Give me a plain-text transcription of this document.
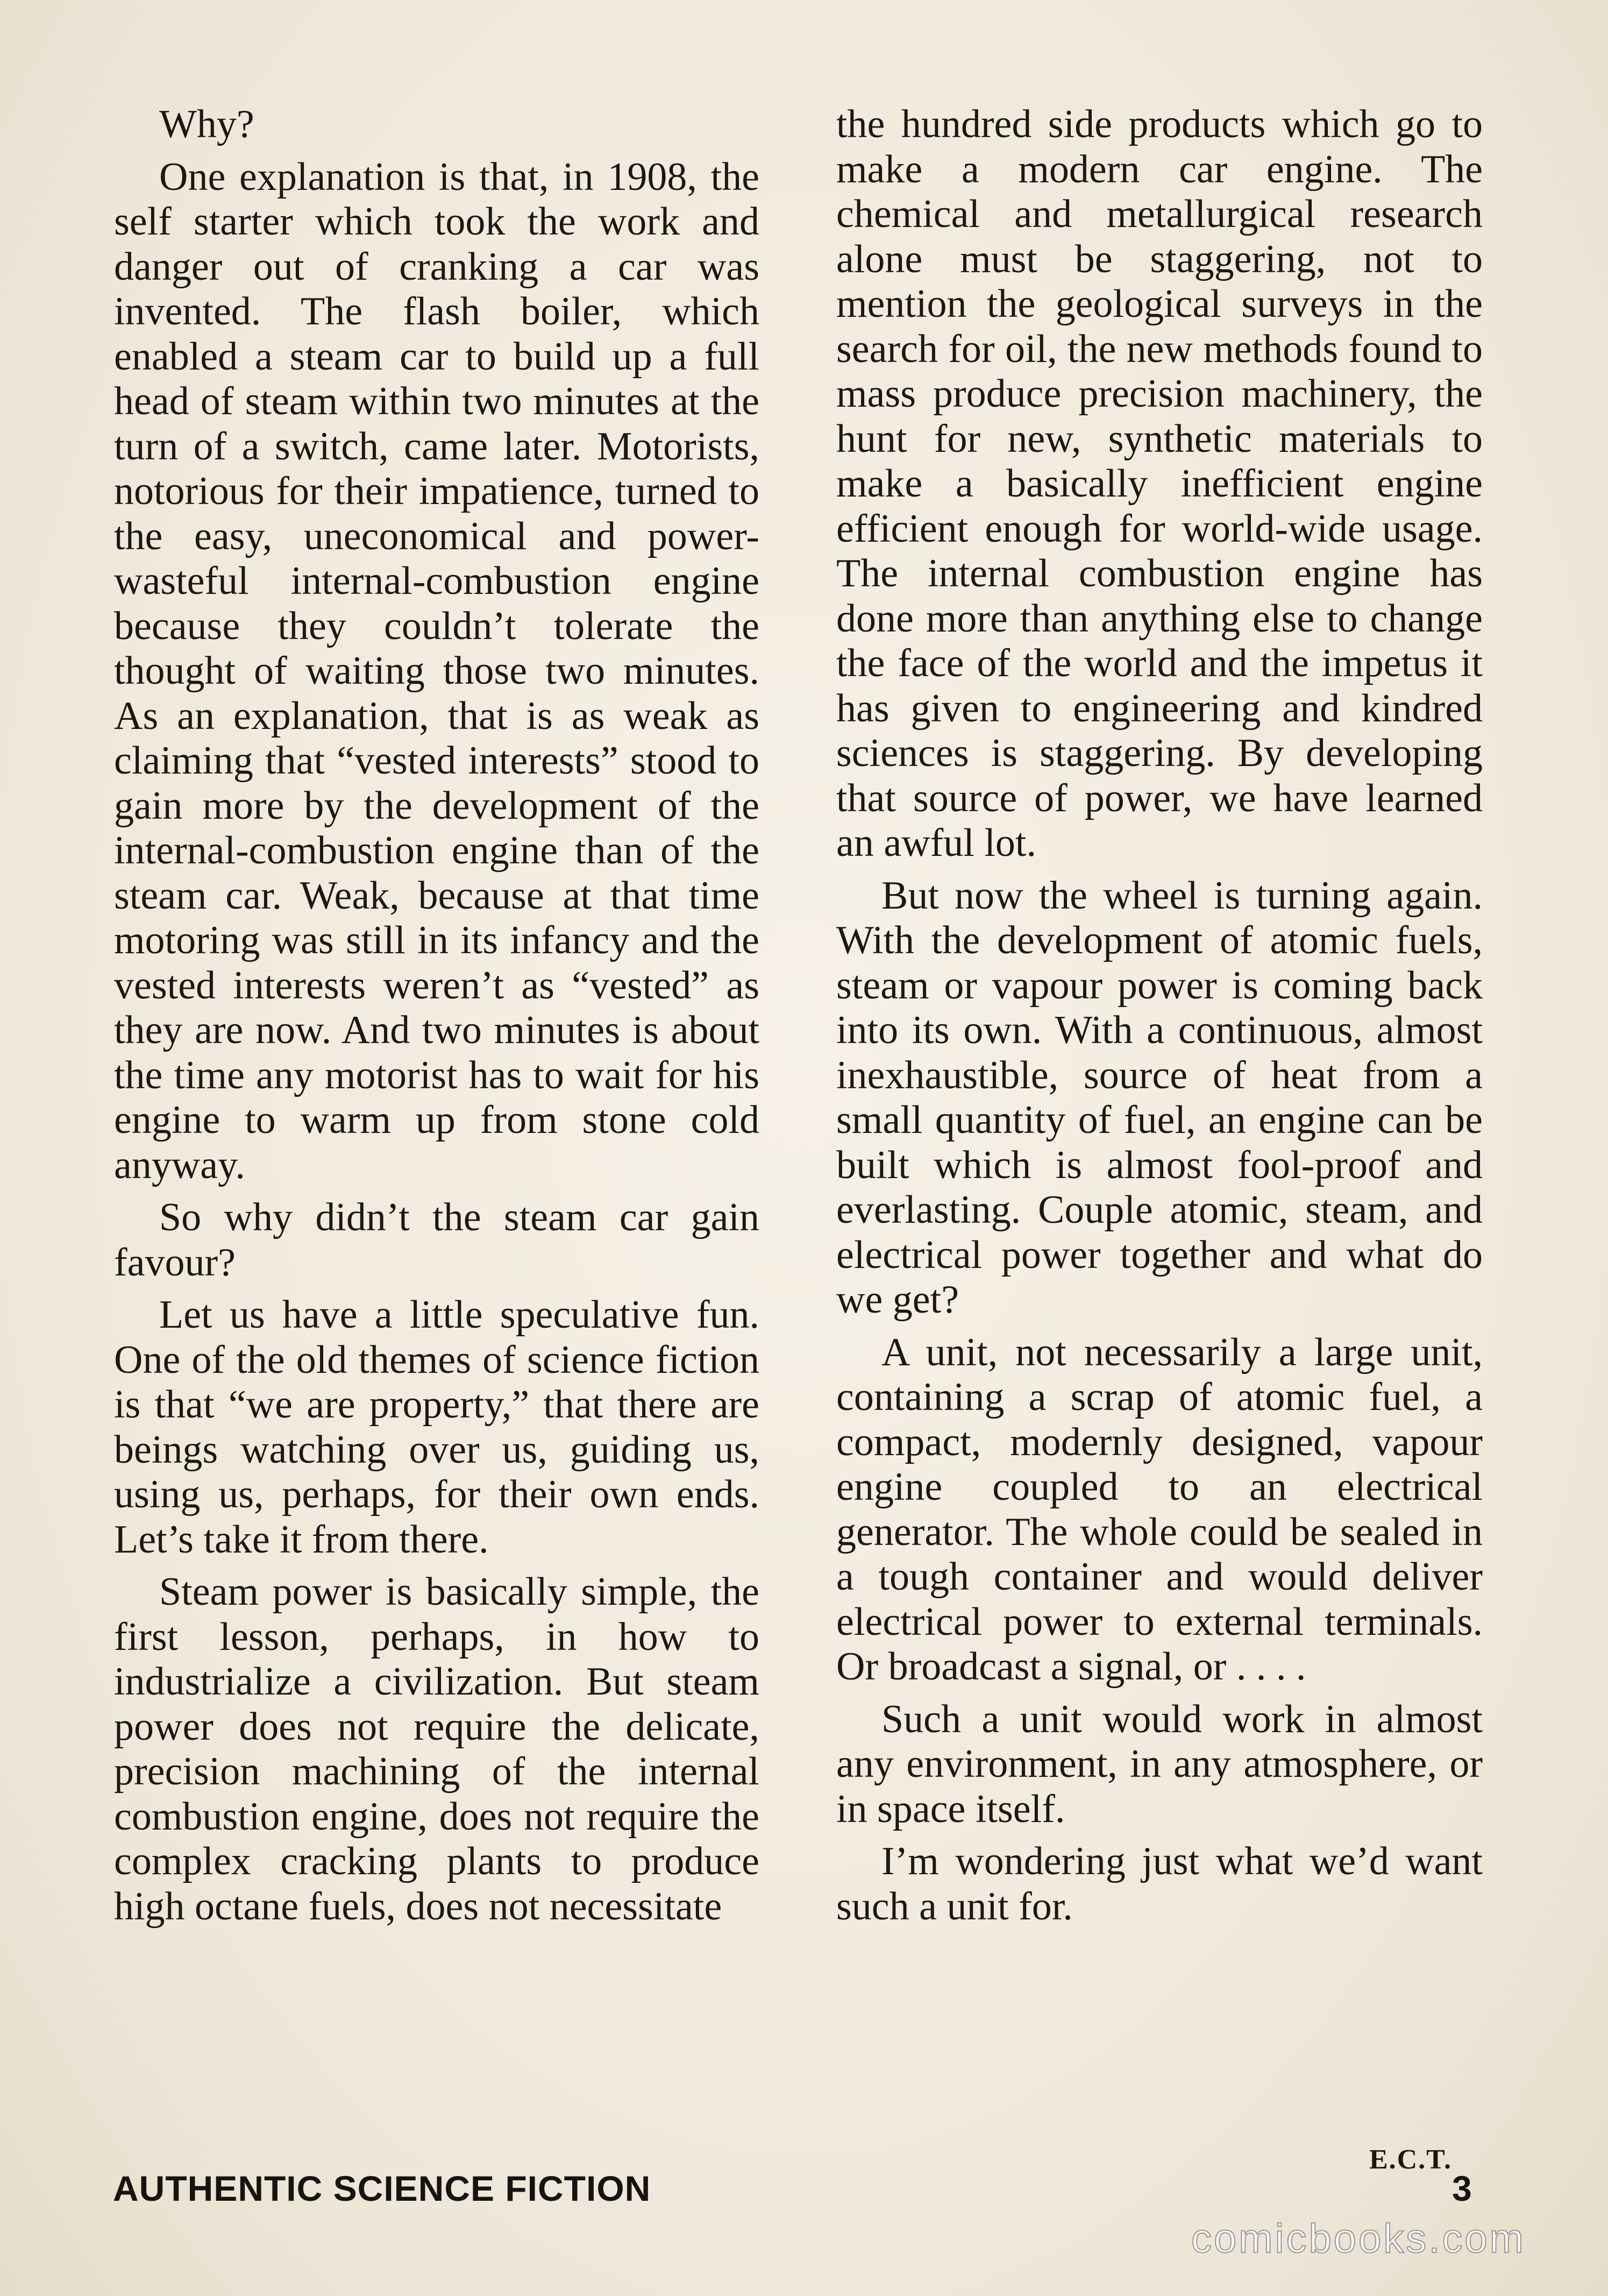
Why?

One explanation is that, in 1908, the self starter which took the work and danger out of cranking a car was invented. The flash boiler, which enabled a steam car to build up a full head of steam within two minutes at the turn of a switch, came later. Motorists, notorious for their impatience, turned to the easy, uneconomical and power-wasteful internal-combustion engine because they couldn’t tolerate the thought of waiting those two minutes. As an explanation, that is as weak as claiming that “vested interests” stood to gain more by the development of the internal-combustion engine than of the steam car. Weak, because at that time motoring was still in its infancy and the vested interests weren’t as “vested” as they are now. And two minutes is about the time any motorist has to wait for his engine to warm up from stone cold anyway.

So why didn’t the steam car gain favour?

Let us have a little speculative fun. One of the old themes of science fiction is that “we are property,” that there are beings watching over us, guiding us, using us, perhaps, for their own ends. Let’s take it from there.

Steam power is basically simple, the first lesson, perhaps, in how to industrialize a civilization. But steam power does not require the delicate, precision machining of the internal combustion engine, does not require the complex cracking plants to produce high octane fuels, does not necessitate

the hundred side products which go to make a modern car engine. The chemical and metallurgical research alone must be staggering, not to mention the geological surveys in the search for oil, the new methods found to mass produce precision machinery, the hunt for new, synthetic materials to make a basically inefficient engine efficient enough for world-wide usage. The internal combustion engine has done more than anything else to change the face of the world and the impetus it has given to engineering and kindred sciences is staggering. By developing that source of power, we have learned an awful lot.

But now the wheel is turning again. With the development of atomic fuels, steam or vapour power is coming back into its own. With a continuous, almost inexhaustible, source of heat from a small quantity of fuel, an engine can be built which is almost fool-proof and everlasting. Couple atomic, steam, and electrical power together and what do we get?

A unit, not necessarily a large unit, containing a scrap of atomic fuel, a compact, modernly designed, vapour engine coupled to an electrical generator. The whole could be sealed in a tough container and would deliver electrical power to external terminals. Or broadcast a signal, or . . . .

Such a unit would work in almost any environment, in any atmosphere, or in space itself.

I’m wondering just what we’d want such a unit for.

E.C.T.
AUTHENTIC SCIENCE FICTION	3
comicbooks.com
